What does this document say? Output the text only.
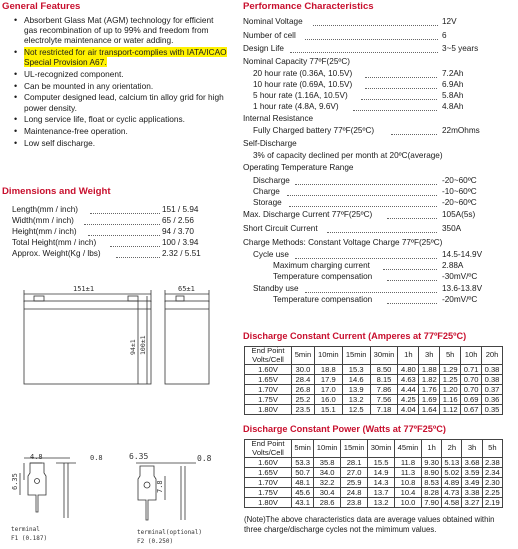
General Features
• Absorbent Glass Mat (AGM) technology for efficient gas recombination of up to 99% and freedom from electrolyte maintenance or water adding.
• Not restricted for air transport-complies with IATA/ICAO Special Provision A67.
• UL-recognized component.
• Can be mounted in any orientation.
• Computer designed lead, calcium tin alloy grid for high power density.
• Long service life, float or cyclic applications.
• Maintenance-free operation.
• Low self discharge.
Dimensions and Weight
Length(mm / inch)	151 / 5.94
Width(mm / inch)	65 / 2.56
Height(mm / inch)	94 / 3.70
Total Height(mm / inch)	100 / 3.94
Approx. Weight(Kg / lbs)	2.32 / 5.51
151±1	65±1
94±1 100±1
4.8	0.8
6.35
6.35	0.8
7.8
terminal
F1 (0.187)
terminal(optional)
F2 (0.250)
Performance Characteristics
Nominal Voltage	12V
Number of cell	6
Design Life	3~5 years
Nominal Capacity 77ºF(25ºC)
20 hour rate (0.36A, 10.5V)	7.2Ah
10 hour rate (0.69A, 10.5V)	6.9Ah
5 hour rate (1.16A, 10.5V)	5.8Ah
1 hour rate (4.8A, 9.6V)	4.8Ah
Internal Resistance
Fully Charged battery 77ºF(25ºC)	22mOhms
Self-Discharge
3% of capacity declined per month at 20ºC(average)
Operating Temperature Range
Discharge	-20~60ºC
Charge	-10~60ºC
Storage	-20~60ºC
Max. Discharge Current 77ºF(25ºC)	105A(5s)
Short Circuit Current	350A
Charge Methods: Constant Voltage Charge 77ºF(25ºC)
Cycle use	14.5-14.9V
Maximum charging current	2.88A
Temperature compensation	-30mV/ºC
Standby use	13.6-13.8V
Temperature compensation	-20mV/ºC
Discharge Constant Current (Amperes at 77ºF25ºC)
End Point
Volts/Cell	5min	10min	15min	30min	1h	3h	5h	10h	20h
1.60V	30.0	18.8	15.3	8.50	4.80	1.88	1.29	0.71	0.38
1.65V	28.4	17.9	14.6	8.15	4.63	1.82	1.25	0.70	0.38
1.70V	26.8	17.0	13.9	7.86	4.44	1.76	1.20	0.70	0.37
1.75V	25.2	16.0	13.2	7.56	4.25	1.69	1.16	0.69	0.36
1.80V	23.5	15.1	12.5	7.18	4.04	1.64	1.12	0.67	0.35
Discharge Constant Power (Watts at 77ºF25ºC)
End Point
Volts/Cell	5min	10min	15min	30min	45min	1h	2h	3h	5h
1.60V	53.3	35.8	28.1	15.5	11.8	9.30	5.13	3.68	2.38
1.65V	50.7	34.0	27.0	14.9	11.3	8.90	5.02	3.59	2.34
1.70V	48.1	32.2	25.9	14.3	10.8	8.53	4.89	3.49	2.30
1.75V	45.6	30.4	24.8	13.7	10.4	8.28	4.73	3.38	2.25
1.80V	43.1	28.6	23.8	13.2	10.0	7.90	4.58	3.27	2.19
(Note)The above characteristics data are average values obtained within
three charge/discharge cycles not the mimimum values.
